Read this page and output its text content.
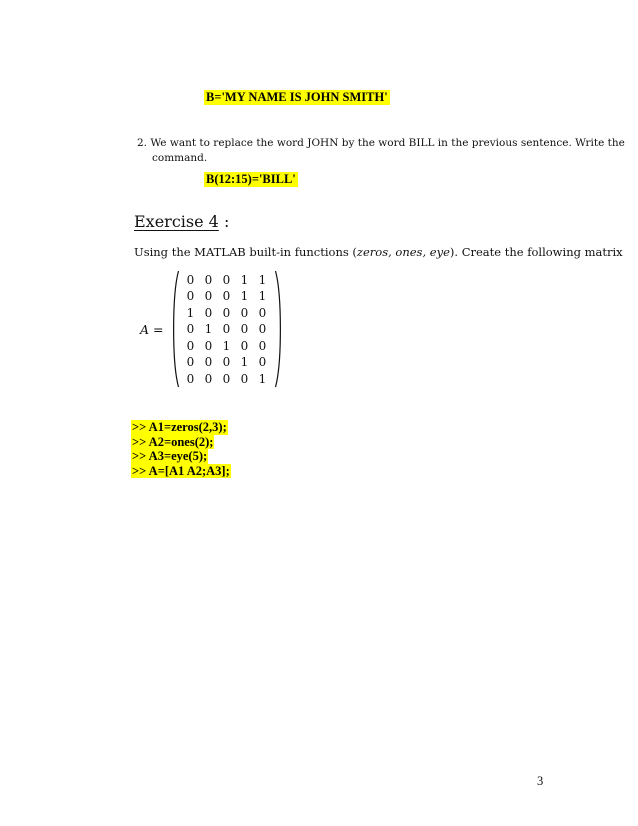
B='MY NAME IS JOHN SMITH'
2. We want to replace the word JOHN by the word BILL in the previous sentence. Write the
command.
B(12:15)='BILL'
Exercise 4 :
Using the MATLAB built-in functions (zeros, ones, eye). Create the following matrix
A =
0	0	0	1	1
0	0	0	1	1
1	0	0	0	0
0	1	0	0	0
0	0	1	0	0
0	0	0	1	0
0	0	0	0	1
>> A1=zeros(2,3);
>> A2=ones(2);
>> A3=eye(5);
>> A=[A1 A2;A3];
3
